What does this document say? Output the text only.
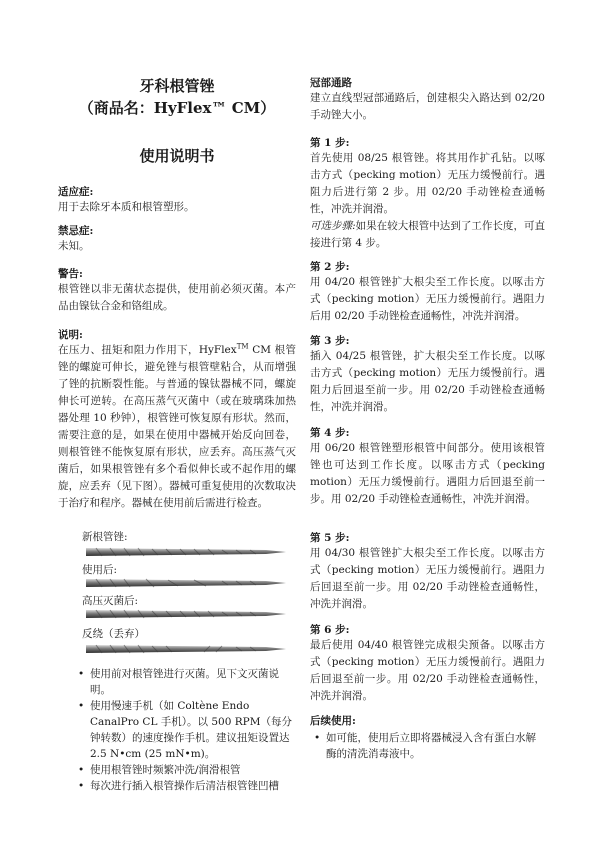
牙科根管锉
（商品名：HyFlex™ CM）
使用说明书
适应症:
用于去除牙本质和根管塑形。
禁忌症:
未知。
警告:
根管锉以非无菌状态提供，使用前必须灭菌。本产品由镍钛合金和铬组成。
说明:
在压力、扭矩和阻力作用下，HyFlex™ CM 根管锉的螺旋可伸长，避免锉与根管壁粘合，从而增强了锉的抗断裂性能。与普通的镍钛器械不同，螺旋伸长可逆转。在高压蒸气灭菌中（或在玻璃珠加热器处理 10 秒钟），根管锉可恢复原有形状。然而，需要注意的是，如果在使用中器械开始反向回卷，则根管锉不能恢复原有形状，应丢弃。高压蒸气灭菌后，如果根管锉有多个看似伸长或不起作用的螺旋，应丢弃（见下图）。器械可重复使用的次数取决于治疗和程序。器械在使用前后需进行检查。
新根管锉:
使用后:
高压灭菌后:
反绕（丢弃）
• 使用前对根管锉进行灭菌。见下文灭菌说明。
• 使用慢速手机（如 Coltène Endo CanalPro CL 手机）。以 500 RPM（每分钟转数）的速度操作手机。建议扭矩设置达 2.5 N•cm (25 mN•m)。
• 使用根管锉时频繁冲洗/润滑根管
• 每次进行插入根管操作后清洁根管锉凹槽
冠部通路
建立直线型冠部通路后，创建根尖入路达到 02/20 手动锉大小。
第 1 步:
首先使用 08/25 根管锉。将其用作扩孔钻。以啄击方式（pecking motion）无压力缓慢前行。遇阻力后进行第 2 步。用 02/20 手动锉检查通畅性，冲洗并润滑。
可选步骤:如果在较大根管中达到了工作长度，可直接进行第 4 步。
第 2 步:
用 04/20 根管锉扩大根尖至工作长度。以啄击方式（pecking motion）无压力缓慢前行。遇阻力后用 02/20 手动锉检查通畅性，冲洗并润滑。
第 3 步:
插入 04/25 根管锉，扩大根尖至工作长度。以啄击方式（pecking motion）无压力缓慢前行。遇阻力后回退至前一步。用 02/20 手动锉检查通畅性，冲洗并润滑。
第 4 步:
用 06/20 根管锉塑形根管中间部分。使用该根管锉也可达到工作长度。以啄击方式（pecking motion）无压力缓慢前行。遇阻力后回退至前一步。用 02/20 手动锉检查通畅性，冲洗并润滑。
第 5 步:
用 04/30 根管锉扩大根尖至工作长度。以啄击方式（pecking motion）无压力缓慢前行。遇阻力后回退至前一步。用 02/20 手动锉检查通畅性，冲洗并润滑。
第 6 步:
最后使用 04/40 根管锉完成根尖预备。以啄击方式（pecking motion）无压力缓慢前行。遇阻力后回退至前一步。用 02/20 手动锉检查通畅性，冲洗并润滑。
后续使用:
• 如可能，使用后立即将器械浸入含有蛋白水解酶的清洗消毒液中。
